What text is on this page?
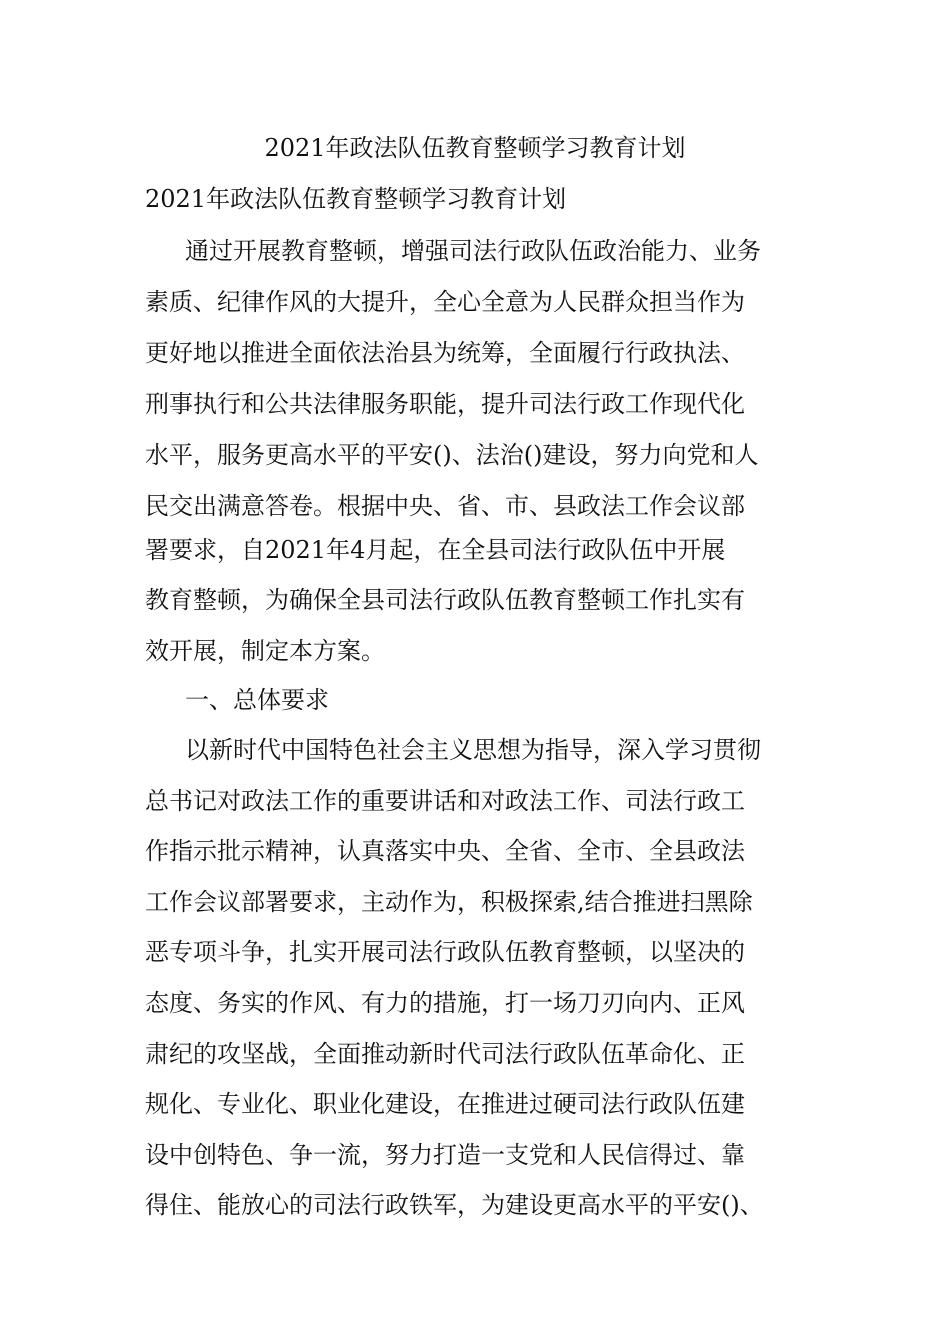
2021年政法队伍教育整顿学习教育计划
2021年政法队伍教育整顿学习教育计划
通过开展教育整顿，增强司法行政队伍政治能力、业务
素质、纪律作风的大提升，全心全意为人民群众担当作为
更好地以推进全面依法治县为统筹，全面履行行政执法、
刑事执行和公共法律服务职能，提升司法行政工作现代化
水平，服务更高水平的平安()、法治()建设，努力向党和人
民交出满意答卷。根据中央、省、市、县政法工作会议部
署要求，自2021年4月起，在全县司法行政队伍中开展
教育整顿，为确保全县司法行政队伍教育整顿工作扎实有
效开展，制定本方案。
一、总体要求
以新时代中国特色社会主义思想为指导，深入学习贯彻
总书记对政法工作的重要讲话和对政法工作、司法行政工
作指示批示精神，认真落实中央、全省、全市、全县政法
工作会议部署要求，主动作为，积极探索,结合推进扫黑除
恶专项斗争，扎实开展司法行政队伍教育整顿，以坚决的
态度、务实的作风、有力的措施，打一场刀刃向内、正风
肃纪的攻坚战，全面推动新时代司法行政队伍革命化、正
规化、专业化、职业化建设，在推进过硬司法行政队伍建
设中创特色、争一流，努力打造一支党和人民信得过、靠
得住、能放心的司法行政铁军，为建设更高水平的平安()、
